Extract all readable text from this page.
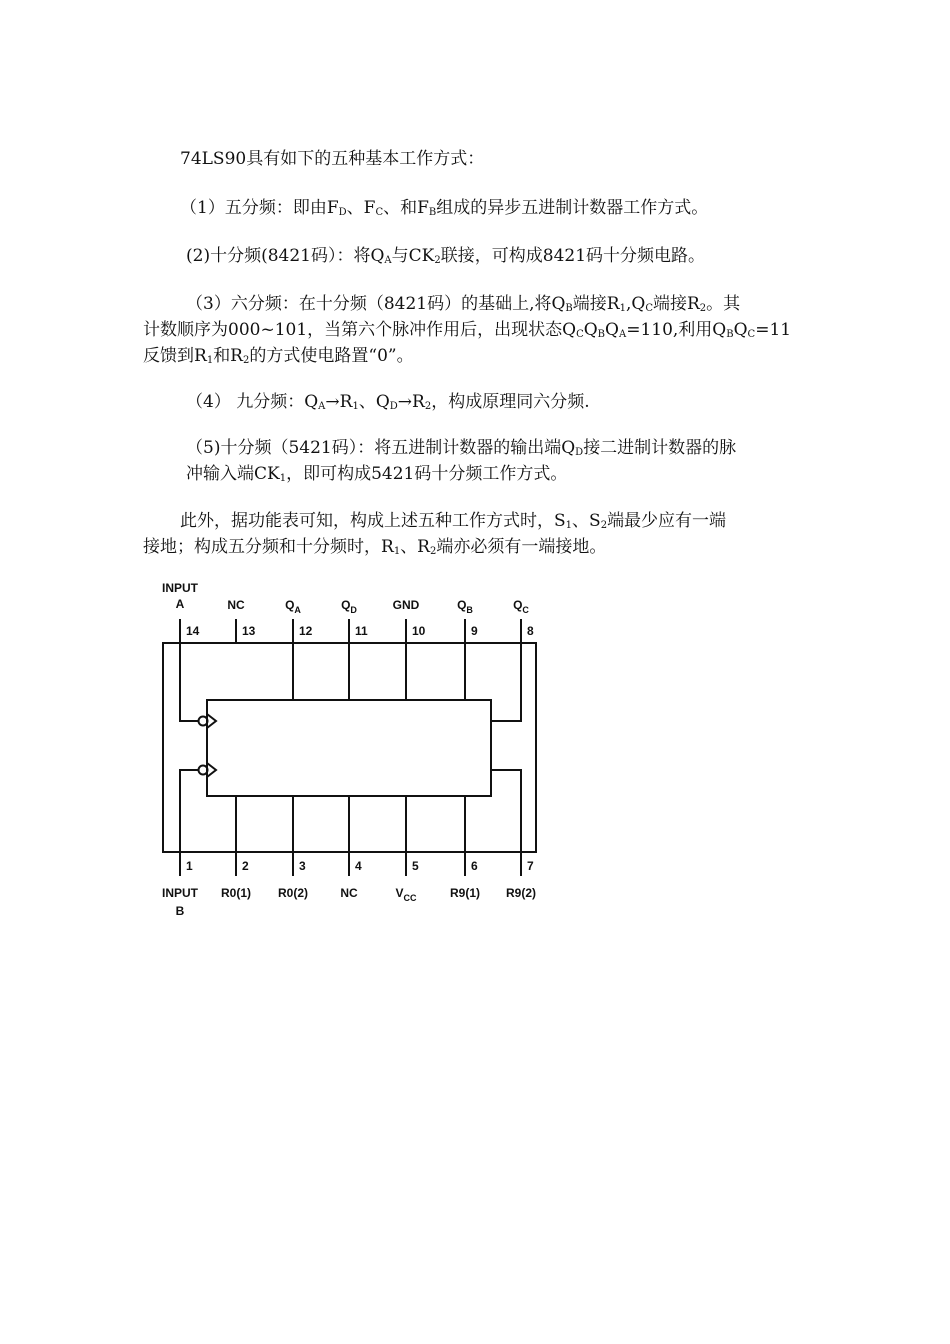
74LS90具有如下的五种基本工作方式：

（1）五分频：即由$F_D$、$F_C$、和$F_B$组成的异步五进制计数器工作方式。

(2)十分频(8421码）：将$Q_A$与$CK_2$联接，可构成8421码十分频电路。

（3）六分频：在十分频（8421码）的基础上,将$Q_B$端接$R_1,Q_C$端接$R_2$。其

计数顺序为000~101，当第六个脉冲作用后，出现状态$Q_CQ_BQ_A=110$,利用$Q_BQ_C=11$

反馈到$R_1$和$R_2$的方式使电路置“0”。

（4） 九分频：$Q_A\to R_1$、$Q_D\to R_2$，构成原理同六分频.

（5)十分频（5421码）：将五进制计数器的输出端$Q_D$接二进制计数器的脉

冲输入端$CK_1$，即可构成5421码十分频工作方式。

此外，据功能表可知，构成上述五种工作方式时，$S_1$、$S_2$端最少应有一端

接地；构成五分频和十分频时，$R_1$、$R_2$端亦必须有一端接地。

14
INPUT
A
13
NC
12
$Q_A$
11
$Q_D$
10
GND
9
$Q_B$
8
$Q_C$
1
INPUT
B
2
R0(1)
3
R0(2)
4
NC
5
$V_{CC}$
6
R9(1)
7
R9(2)
